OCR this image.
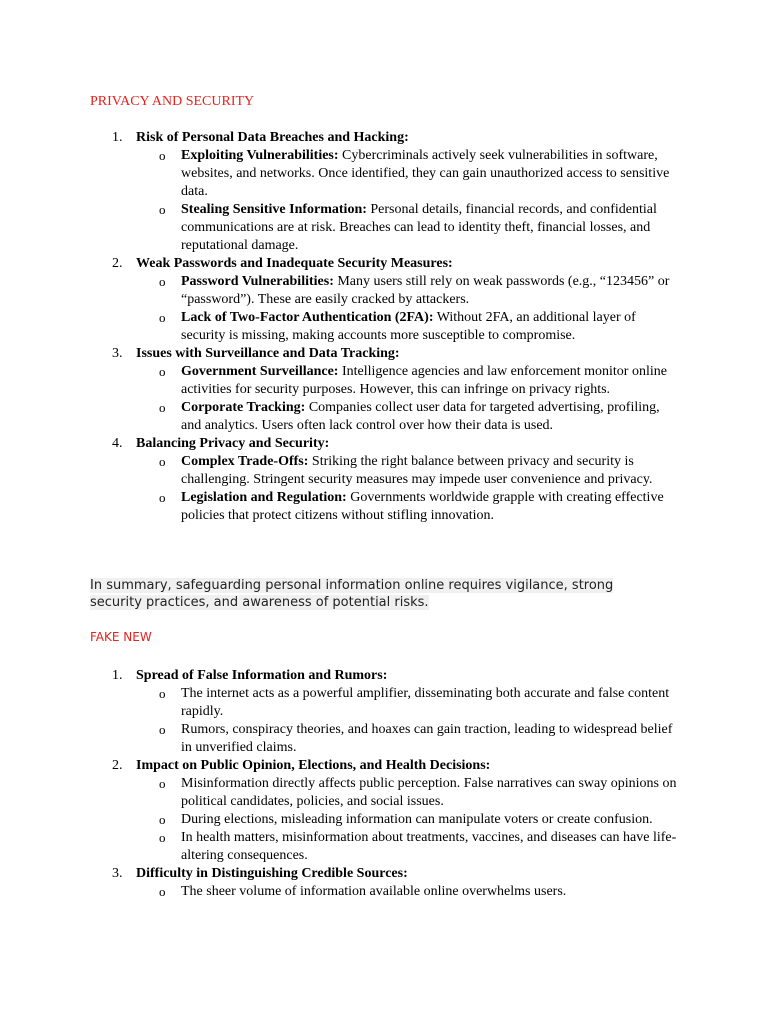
PRIVACY AND SECURITY
1. Risk of Personal Data Breaches and Hacking:
o Exploiting Vulnerabilities: Cybercriminals actively seek vulnerabilities in software, websites, and networks. Once identified, they can gain unauthorized access to sensitive data.
o Stealing Sensitive Information: Personal details, financial records, and confidential communications are at risk. Breaches can lead to identity theft, financial losses, and reputational damage.
2. Weak Passwords and Inadequate Security Measures:
o Password Vulnerabilities: Many users still rely on weak passwords (e.g., “123456” or “password”). These are easily cracked by attackers.
o Lack of Two-Factor Authentication (2FA): Without 2FA, an additional layer of security is missing, making accounts more susceptible to compromise.
3. Issues with Surveillance and Data Tracking:
o Government Surveillance: Intelligence agencies and law enforcement monitor online activities for security purposes. However, this can infringe on privacy rights.
o Corporate Tracking: Companies collect user data for targeted advertising, profiling, and analytics. Users often lack control over how their data is used.
4. Balancing Privacy and Security:
o Complex Trade-Offs: Striking the right balance between privacy and security is challenging. Stringent security measures may impede user convenience and privacy.
o Legislation and Regulation: Governments worldwide grapple with creating effective policies that protect citizens without stifling innovation.
In summary, safeguarding personal information online requires vigilance, strong security practices, and awareness of potential risks.
FAKE NEW
1. Spread of False Information and Rumors:
o The internet acts as a powerful amplifier, disseminating both accurate and false content rapidly.
o Rumors, conspiracy theories, and hoaxes can gain traction, leading to widespread belief in unverified claims.
2. Impact on Public Opinion, Elections, and Health Decisions:
o Misinformation directly affects public perception. False narratives can sway opinions on political candidates, policies, and social issues.
o During elections, misleading information can manipulate voters or create confusion.
o In health matters, misinformation about treatments, vaccines, and diseases can have life-altering consequences.
3. Difficulty in Distinguishing Credible Sources:
o The sheer volume of information available online overwhelms users.
